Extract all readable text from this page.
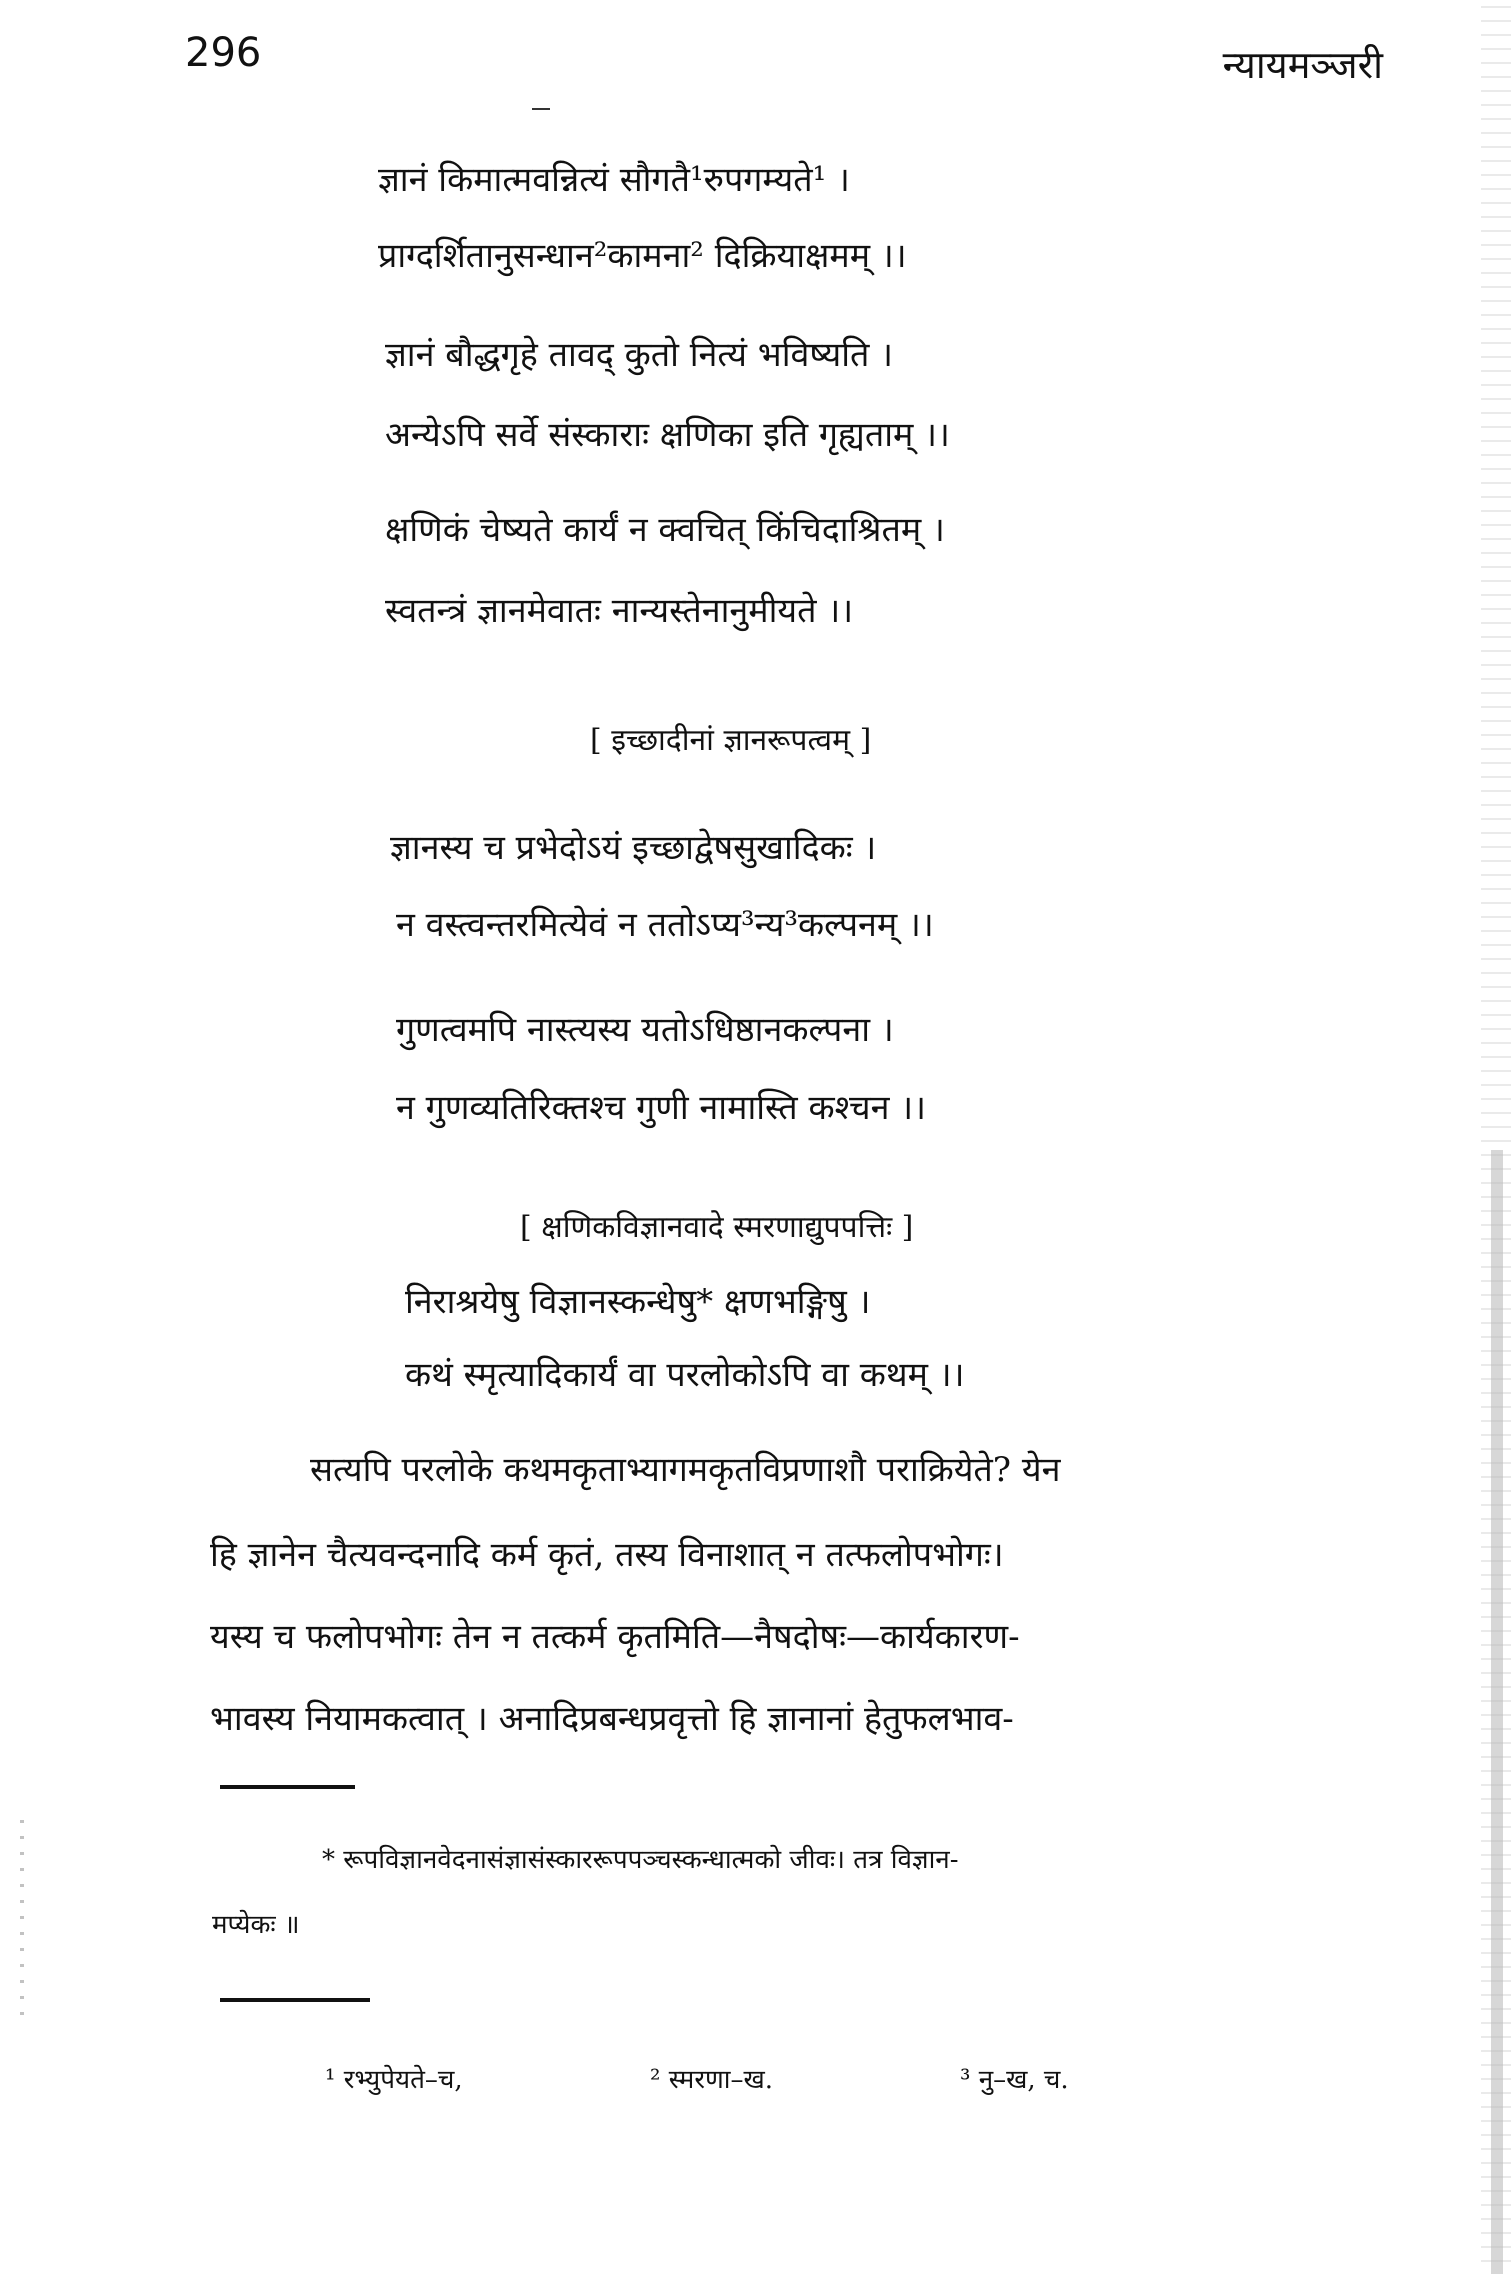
296	न्यायमञ्जरी
ज्ञानं किमात्मवन्नित्यं सौगतै¹रुपगम्यते¹ ।
प्राग्दर्शितानुसन्धान²कामना² दिक्रियाक्षमम् ।।
ज्ञानं बौद्धगृहे तावद् कुतो नित्यं भविष्यति ।
अन्येऽपि सर्वे संस्काराः क्षणिका इति गृह्यताम् ।।
क्षणिकं चेष्यते कार्यं न क्वचित् किंचिदाश्रितम् ।
स्वतन्त्रं ज्ञानमेवातः नान्यस्तेनानुमीयते ।।
[ इच्छादीनां ज्ञानरूपत्वम् ]
ज्ञानस्य च प्रभेदोऽयं इच्छाद्वेषसुखादिकः ।
न वस्त्वन्तरमित्येवं न ततोऽप्य³न्य³कल्पनम् ।।
गुणत्वमपि नास्त्यस्य यतोऽधिष्ठानकल्पना ।
न गुणव्यतिरिक्तश्च गुणी नामास्ति कश्चन ।।
[ क्षणिकविज्ञानवादे स्मरणाद्युपपत्तिः ]
निराश्रयेषु विज्ञानस्कन्धेषु* क्षणभङ्गिषु ।
कथं स्मृत्यादिकार्यं वा परलोकोऽपि वा कथम् ।।
सत्यपि परलोके कथमकृताभ्यागमकृतविप्रणाशौ पराक्रियेते? येन
हि ज्ञानेन चैत्यवन्दनादि कर्म कृतं, तस्य विनाशात् न तत्फलोपभोगः।
यस्य च फलोपभोगः तेन न तत्कर्म कृतमिति—नैषदोषः—कार्यकारण-
भावस्य नियामकत्वात् । अनादिप्रबन्धप्रवृत्तो हि ज्ञानानां हेतुफलभाव-
* रूपविज्ञानवेदनासंज्ञासंस्काररूपपञ्चस्कन्धात्मको जीवः। तत्र विज्ञान-
मप्येकः ॥
¹ रभ्युपेयते–च,	² स्मरणा–ख.	³ नु–ख, च.
